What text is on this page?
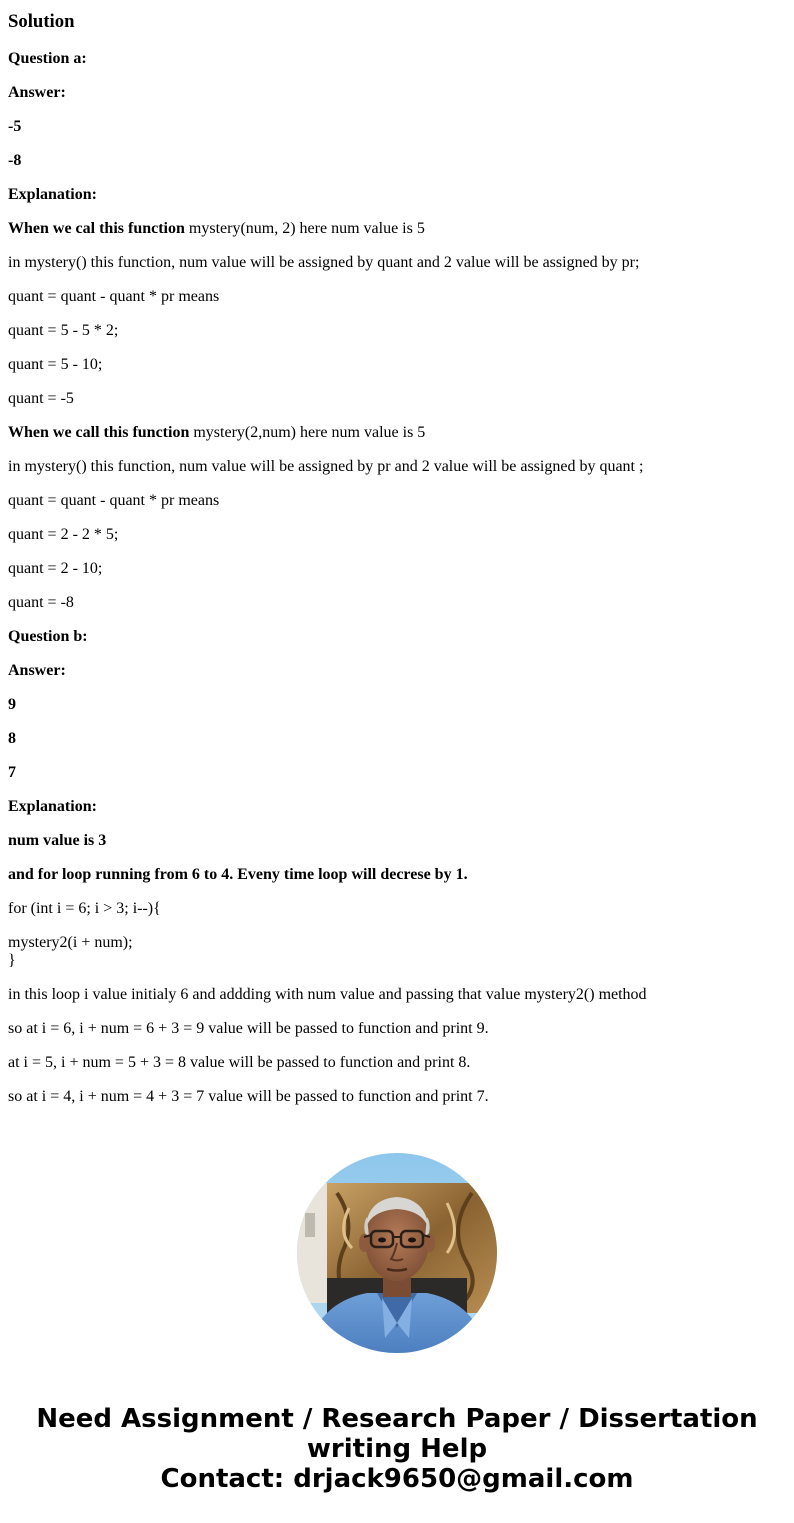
Solution
Question a:
Answer:
-5
-8
Explanation:
When we cal this function mystery(num, 2) here num value is 5
in mystery() this function, num value will be assigned by quant and 2 value will be assigned by pr;
quant = quant - quant * pr means
quant = 5 - 5 * 2;
quant = 5 - 10;
quant = -5
When we call this function mystery(2,num) here num value is 5
in mystery() this function, num value will be assigned by pr and 2 value will be assigned by quant ;
quant = quant - quant * pr means
quant = 2 - 2 * 5;
quant = 2 - 10;
quant = -8
Question b:
Answer:
9
8
7
Explanation:
num value is 3
and for loop running from 6 to 4. Eveny time loop will decrese by 1.
for (int i = 6; i > 3; i--){
mystery2(i + num);
}
in this loop i value initialy 6 and addding with num value and passing that value mystery2() method
so at i = 6, i + num = 6 + 3 = 9 value will be passed to function and print 9.
at i = 5, i + num = 5 + 3 = 8 value will be passed to function and print 8.
so at i = 4, i + num = 4 + 3 = 7 value will be passed to function and print 7.
Need Assignment / Research Paper / Dissertation
writing Help
Contact: drjack9650@gmail.com
